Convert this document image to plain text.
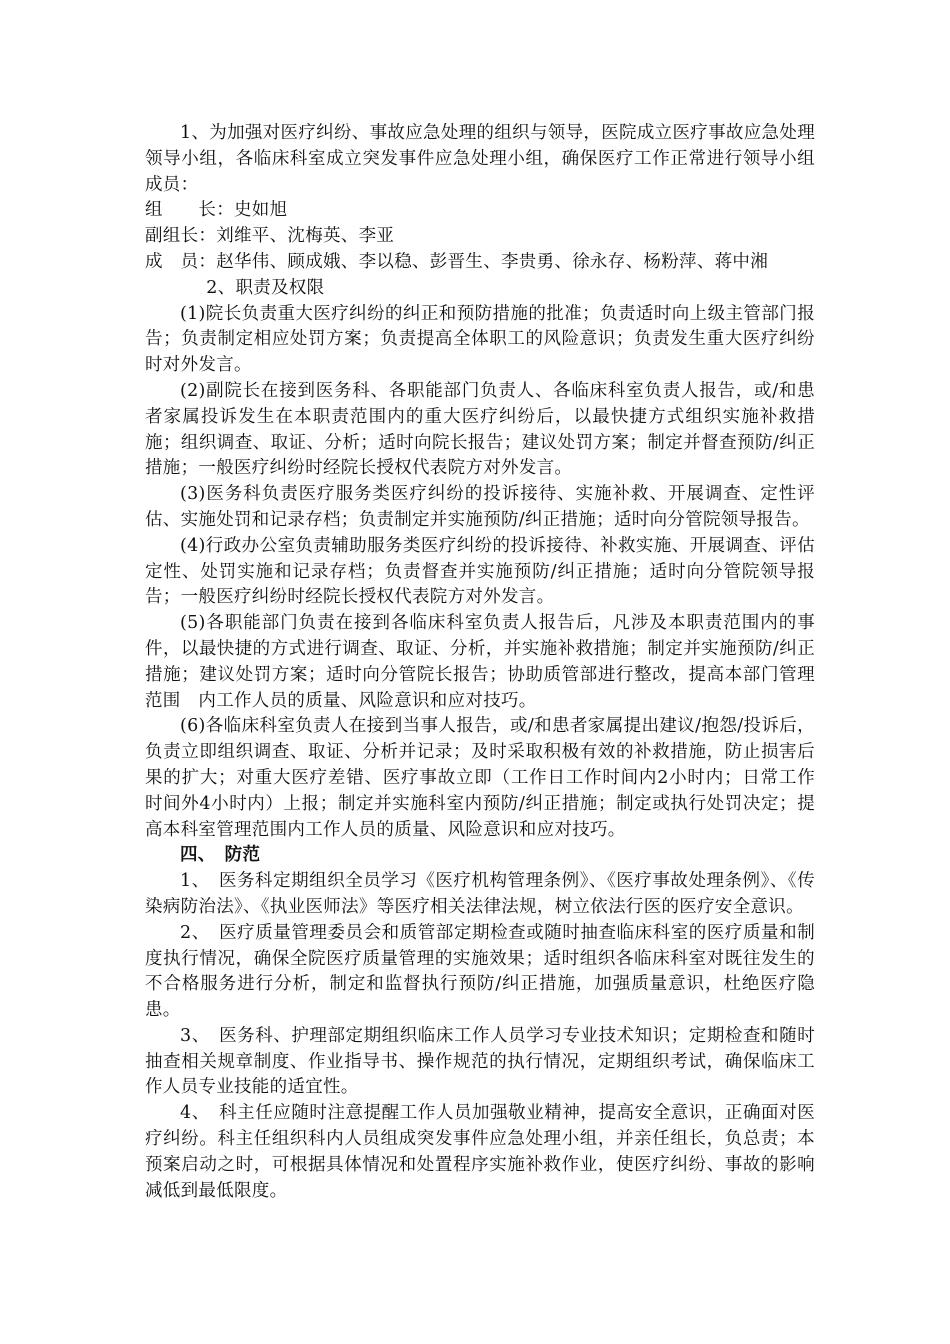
1、为加强对医疗纠纷、事故应急处理的组织与领导，医院成立医疗事故应急处理领导小组，各临床科室成立突发事件应急处理小组，确保医疗工作正常进行领导小组成员：

组　　长：史如旭

副组长：刘维平、沈梅英、李亚

成　员：赵华伟、顾成娥、李以稳、彭晋生、李贵勇、徐永存、杨粉萍、蒋中湘

2、职责及权限

(1)院长负责重大医疗纠纷的纠正和预防措施的批准；负责适时向上级主管部门报告；负责制定相应处罚方案；负责提高全体职工的风险意识；负责发生重大医疗纠纷时对外发言。

(2)副院长在接到医务科、各职能部门负责人、各临床科室负责人报告，或/和患者家属投诉发生在本职责范围内的重大医疗纠纷后，以最快捷方式组织实施补救措施；组织调查、取证、分析；适时向院长报告；建议处罚方案；制定并督查预防/纠正措施；一般医疗纠纷时经院长授权代表院方对外发言。

(3)医务科负责医疗服务类医疗纠纷的投诉接待、实施补救、开展调查、定性评估、实施处罚和记录存档；负责制定并实施预防/纠正措施；适时向分管院领导报告。

(4)行政办公室负责辅助服务类医疗纠纷的投诉接待、补救实施、开展调查、评估定性、处罚实施和记录存档；负责督查并实施预防/纠正措施；适时向分管院领导报告；一般医疗纠纷时经院长授权代表院方对外发言。

(5)各职能部门负责在接到各临床科室负责人报告后，凡涉及本职责范围内的事件，以最快捷的方式进行调查、取证、分析，并实施补救措施；制定并实施预防/纠正措施；建议处罚方案；适时向分管院长报告；协助质管部进行整改，提高本部门管理范围　内工作人员的质量、风险意识和应对技巧。

(6)各临床科室负责人在接到当事人报告，或/和患者家属提出建议/抱怨/投诉后，负责立即组织调查、取证、分析并记录；及时采取积极有效的补救措施，防止损害后果的扩大；对重大医疗差错、医疗事故立即（工作日工作时间内2小时内；日常工作时间外4小时内）上报；制定并实施科室内预防/纠正措施；制定或执行处罚决定；提高本科室管理范围内工作人员的质量、风险意识和应对技巧。

四、　防范

1、　医务科定期组织全员学习《医疗机构管理条例》、《医疗事故处理条例》、《传染病防治法》、《执业医师法》等医疗相关法律法规，树立依法行医的医疗安全意识。

2、　医疗质量管理委员会和质管部定期检查或随时抽查临床科室的医疗质量和制度执行情况，确保全院医疗质量管理的实施效果；适时组织各临床科室对既往发生的不合格服务进行分析，制定和监督执行预防/纠正措施，加强质量意识，杜绝医疗隐患。

3、　医务科、护理部定期组织临床工作人员学习专业技术知识；定期检查和随时抽查相关规章制度、作业指导书、操作规范的执行情况，定期组织考试，确保临床工作人员专业技能的适宜性。

4、　科主任应随时注意提醒工作人员加强敬业精神，提高安全意识，正确面对医疗纠纷。科主任组织科内人员组成突发事件应急处理小组，并亲任组长，负总责；本预案启动之时，可根据具体情况和处置程序实施补救作业，使医疗纠纷、事故的影响减低到最低限度。
